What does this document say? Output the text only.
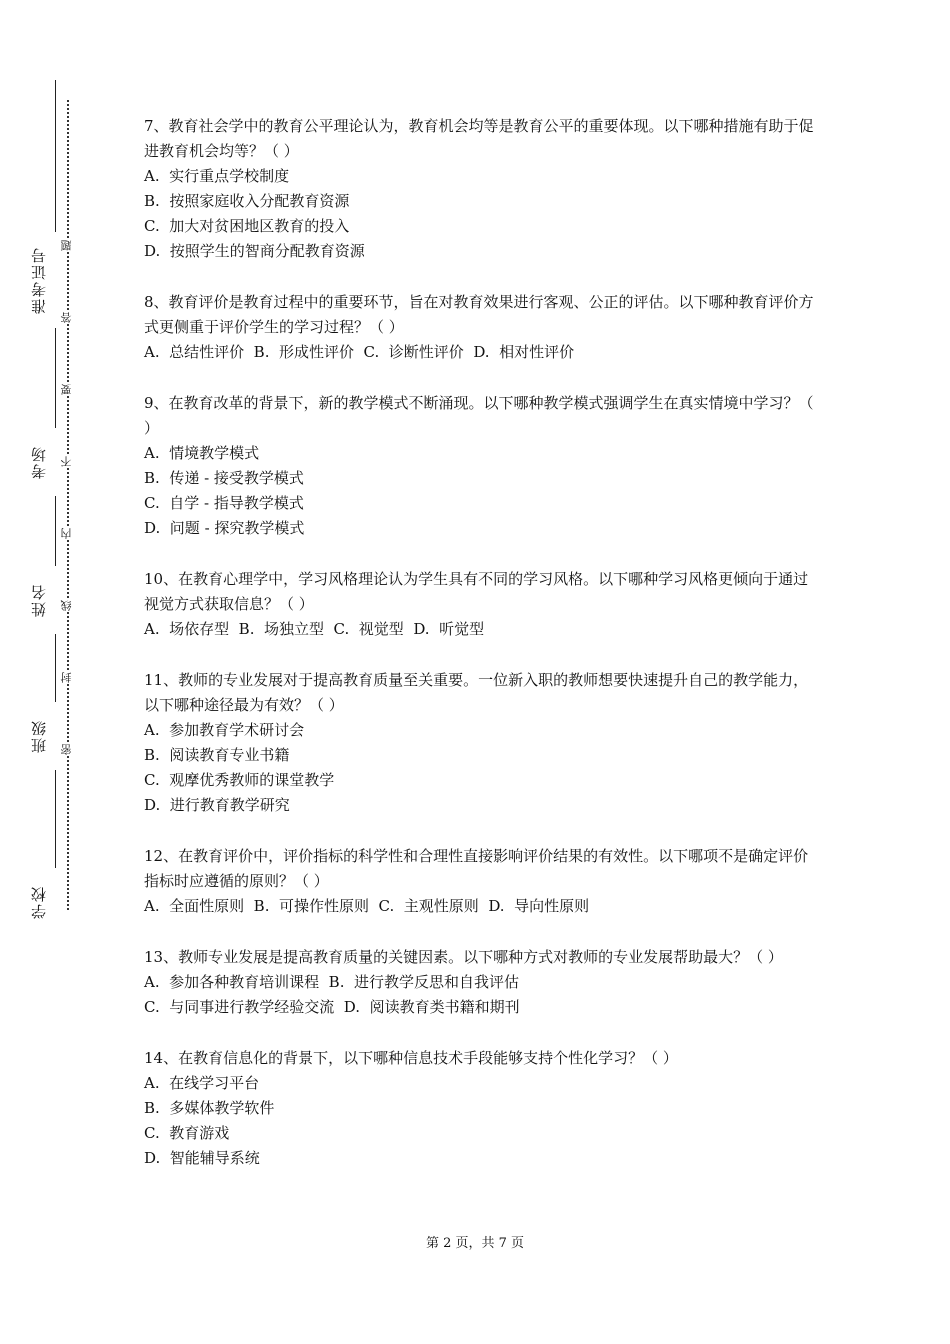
准考证号
考场
姓名
班级
学校
题
答
要
不
内
线
封
密

7、教育社会学中的教育公平理论认为，教育机会均等是教育公平的重要体现。以下哪种措施有助于促进教育机会均等？（ ）

A.  实行重点学校制度

B.  按照家庭收入分配教育资源

C.  加大对贫困地区教育的投入

D.  按照学生的智商分配教育资源

8、教育评价是教育过程中的重要环节，旨在对教育效果进行客观、公正的评估。以下哪种教育评价方式更侧重于评价学生的学习过程？（ ）

A.  总结性评价  B.  形成性评价  C.  诊断性评价  D.  相对性评价

9、在教育改革的背景下，新的教学模式不断涌现。以下哪种教学模式强调学生在真实情境中学习？（ ）

A.  情境教学模式

B.  传递 - 接受教学模式

C.  自学 - 指导教学模式

D.  问题 - 探究教学模式

10、在教育心理学中，学习风格理论认为学生具有不同的学习风格。以下哪种学习风格更倾向于通过视觉方式获取信息？（ ）

A.  场依存型  B.  场独立型  C.  视觉型  D.  听觉型

11、教师的专业发展对于提高教育质量至关重要。一位新入职的教师想要快速提升自己的教学能力，以下哪种途径最为有效？（ ）

A.  参加教育学术研讨会

B.  阅读教育专业书籍

C.  观摩优秀教师的课堂教学

D.  进行教育教学研究

12、在教育评价中，评价指标的科学性和合理性直接影响评价结果的有效性。以下哪项不是确定评价指标时应遵循的原则？（ ）

A.  全面性原则  B.  可操作性原则  C.  主观性原则  D.  导向性原则

13、教师专业发展是提高教育质量的关键因素。以下哪种方式对教师的专业发展帮助最大？（ ）

A.  参加各种教育培训课程  B.  进行教学反思和自我评估

C.  与同事进行教学经验交流  D.  阅读教育类书籍和期刊

14、在教育信息化的背景下，以下哪种信息技术手段能够支持个性化学习？（ ）

A.  在线学习平台

B.  多媒体教学软件

C.  教育游戏

D.  智能辅导系统

第 2 页，共 7 页
